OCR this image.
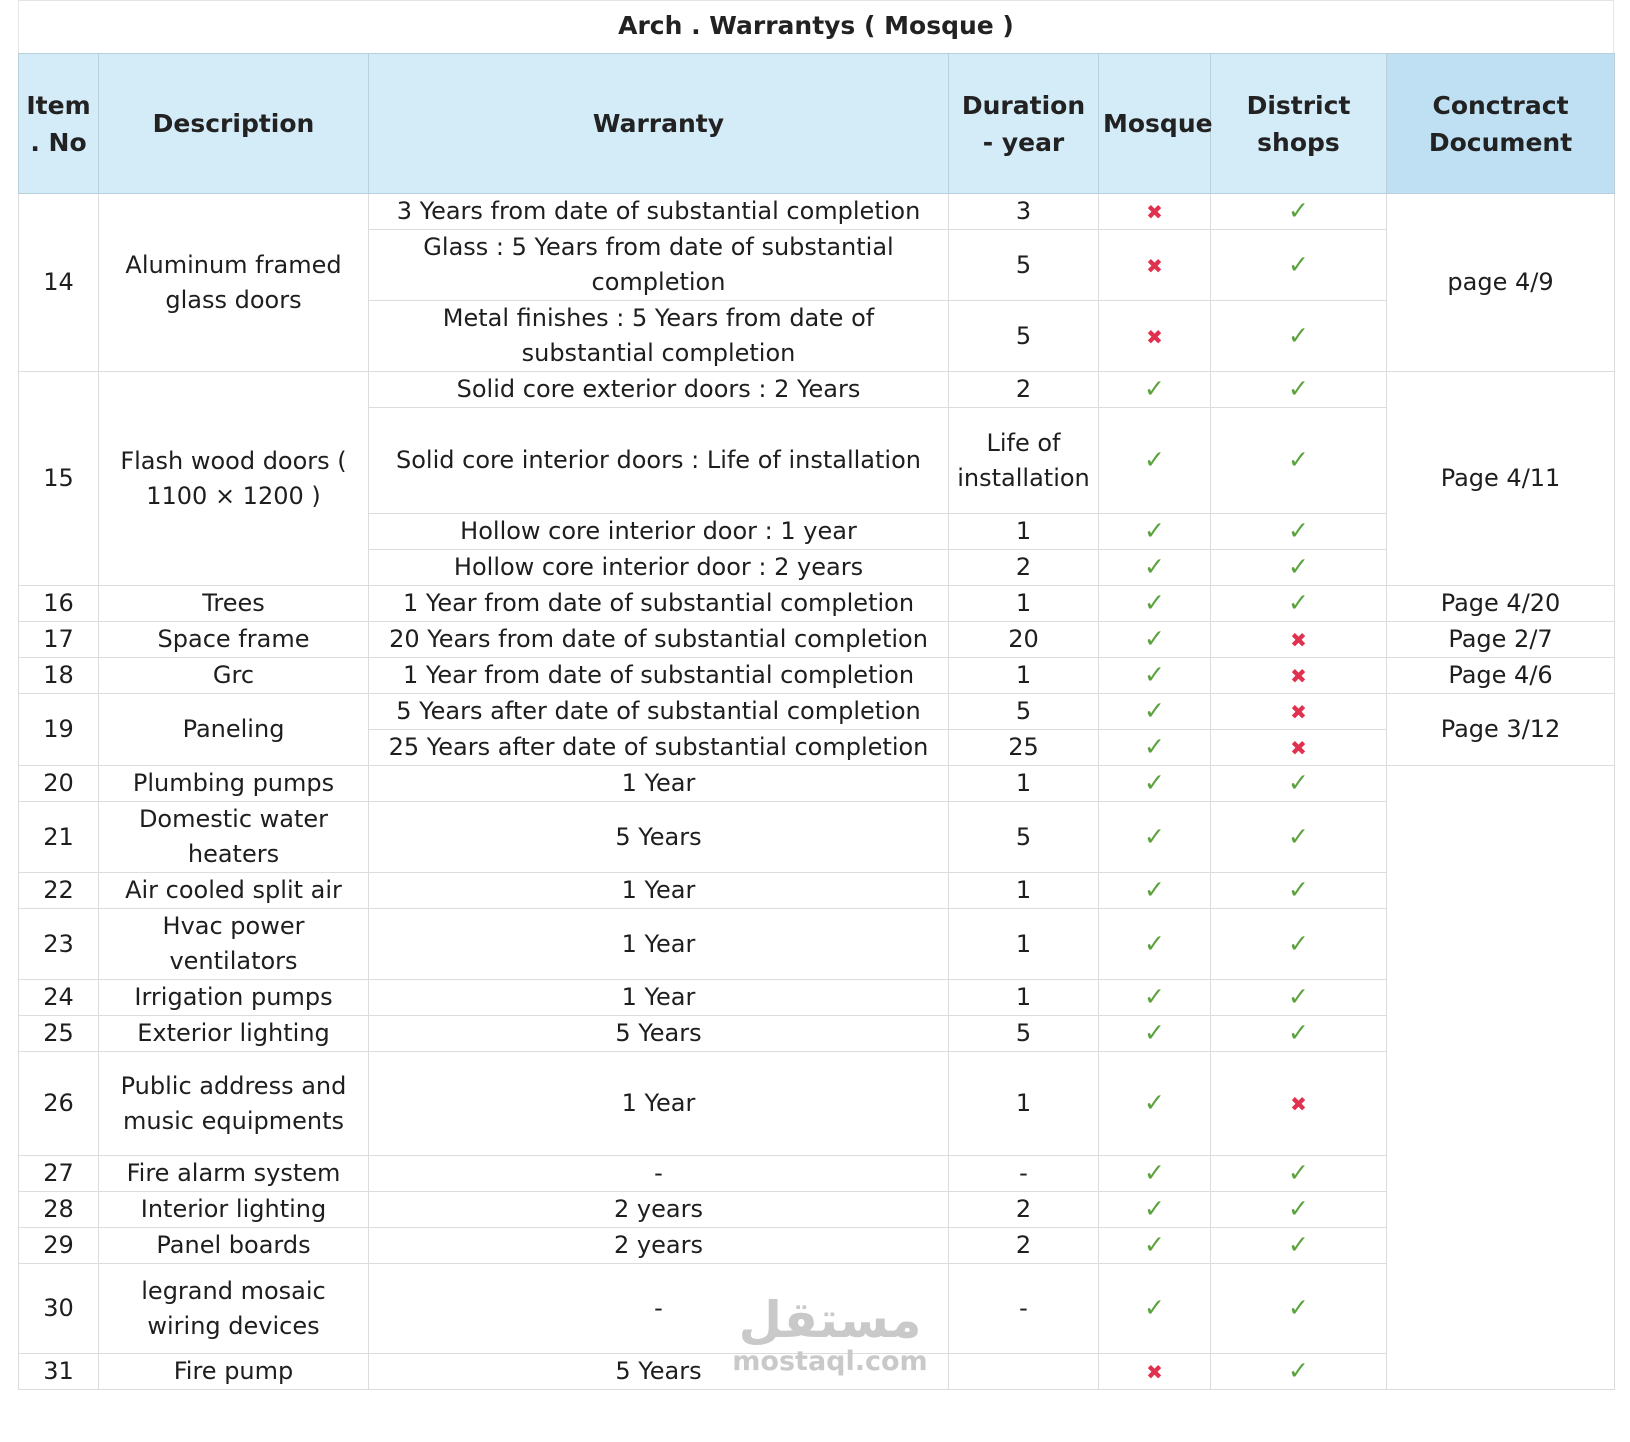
Arch . Warrantys ( Mosque )
Item . No	Description	Warranty	Duration - year	Mosque	District shops	Conctract Document
14	Aluminum framed glass doors	3 Years from date of substantial completion	3	✖	✓	page 4/9
		Glass : 5 Years from date of substantial completion	5	✖	✓	
		Metal finishes : 5 Years from date of substantial completion	5	✖	✓	
15	Flash wood doors ( 1100 × 1200 )	Solid core exterior doors : 2 Years	2	✓	✓	Page 4/11
		Solid core interior doors : Life of installation	Life of installation	✓	✓	
		Hollow core interior door : 1 year	1	✓	✓	
		Hollow core interior door : 2 years	2	✓	✓	
16	Trees	1 Year from date of substantial completion	1	✓	✓	Page 4/20
17	Space frame	20 Years from date of substantial completion	20	✓	✖	Page 2/7
18	Grc	1 Year from date of substantial completion	1	✓	✖	Page 4/6
19	Paneling	5 Years after date of substantial completion	5	✓	✖	Page 3/12
		25 Years after date of substantial completion	25	✓	✖	
20	Plumbing pumps	1 Year	1	✓	✓	
21	Domestic water heaters	5 Years	5	✓	✓	
22	Air cooled split air	1 Year	1	✓	✓	
23	Hvac power ventilators	1 Year	1	✓	✓	
24	Irrigation pumps	1 Year	1	✓	✓	
25	Exterior lighting	5 Years	5	✓	✓	
26	Public address and music equipments	1 Year	1	✓	✖	
27	Fire alarm system	-	-	✓	✓	
28	Interior lighting	2 years	2	✓	✓	
29	Panel boards	2 years	2	✓	✓	
30	legrand mosaic wiring devices	-	-	✓	✓	
31	Fire pump	5 Years		✖	✓	
مستقل
mostaql.com
